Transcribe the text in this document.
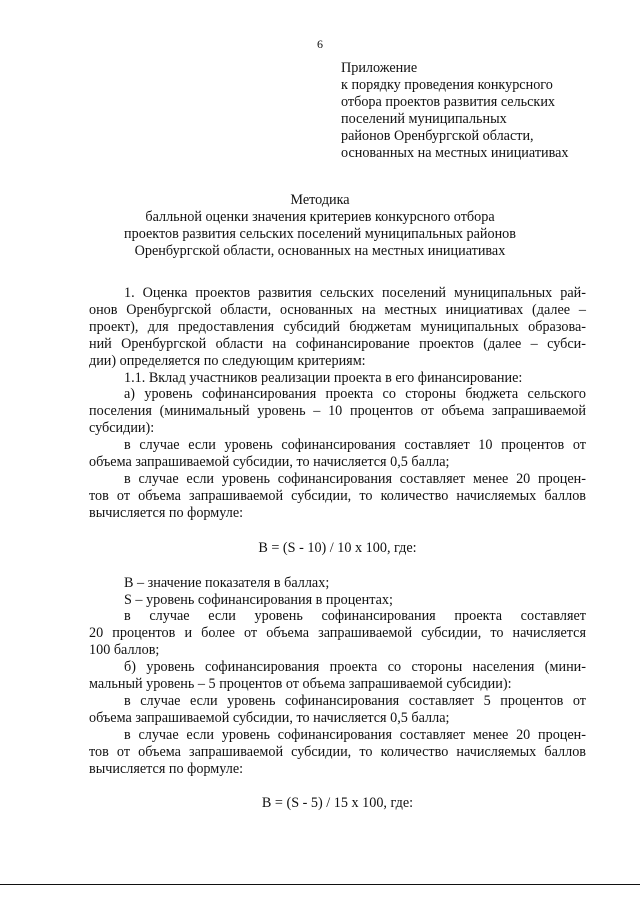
6
Приложение
к порядку проведения конкурсного
отбора проектов развития сельских
поселений муниципальных
районов Оренбургской области,
основанных на местных инициативах
Методика
балльной оценки значения критериев конкурсного отбора
проектов развития сельских поселений муниципальных районов
Оренбургской области, основанных на местных инициативах
1. Оценка проектов развития сельских поселений муниципальных рай-
онов Оренбургской области, основанных на местных инициативах (далее –
проект), для предоставления субсидий бюджетам муниципальных образова-
ний Оренбургской области на софинансирование проектов (далее – субси-
дии) определяется по следующим критериям:
1.1. Вклад участников реализации проекта в его финансирование:
а) уровень софинансирования проекта со стороны бюджета сельского
поселения (минимальный уровень – 10 процентов от объема запрашиваемой
субсидии):
в случае если уровень софинансирования составляет 10 процентов от
объема запрашиваемой субсидии, то начисляется 0,5 балла;
в случае если уровень софинансирования составляет менее 20 процен-
тов от объема запрашиваемой субсидии, то количество начисляемых баллов
вычисляется по формуле:
B = (S - 10) / 10 x 100, где:
B – значение показателя в баллах;
S – уровень софинансирования в процентах;
в случае если уровень софинансирования проекта составляет
20 процентов и более от объема запрашиваемой субсидии, то начисляется
100 баллов;
б) уровень софинансирования проекта со стороны населения (мини-
мальный уровень – 5 процентов от объема запрашиваемой субсидии):
в случае если уровень софинансирования составляет 5 процентов от
объема запрашиваемой субсидии, то начисляется 0,5 балла;
в случае если уровень софинансирования составляет менее 20 процен-
тов от объема запрашиваемой субсидии, то количество начисляемых баллов
вычисляется по формуле:
B = (S - 5) / 15 x 100, где:
